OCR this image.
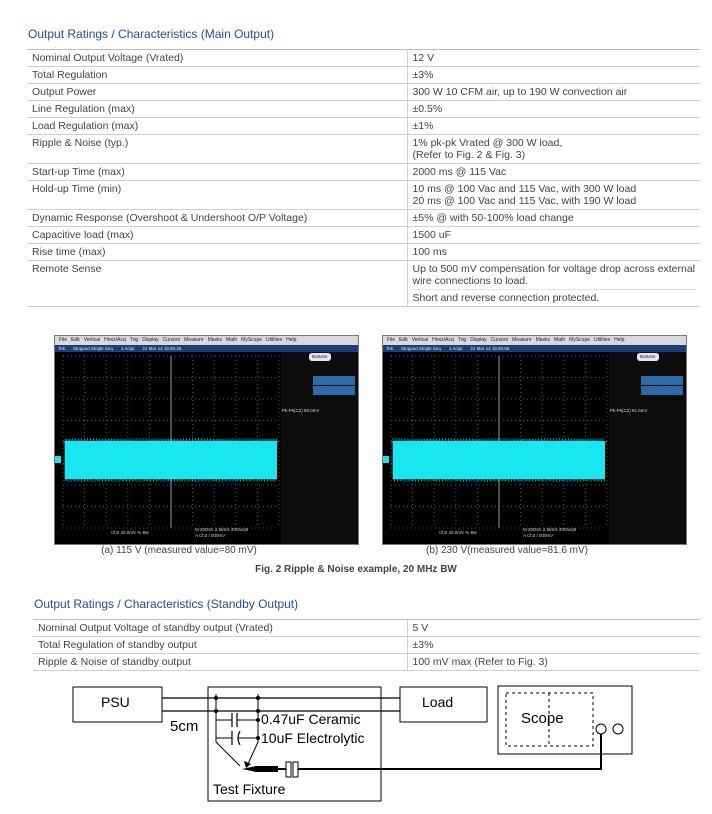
Output Ratings / Characteristics (Main Output)
Nominal Output Voltage (Vrated)	12 V

Total Regulation	±3%

Output Power	300 W 10 CFM air, up to 190 W convection air

Line Regulation (max)	±0.5%

Load Regulation (max)	±1%

Ripple & Noise (typ.)	1% pk-pk Vrated @ 300 W load,
(Refer to Fig. 2 & Fig. 3)

Start-up Time (max)	2000 ms @ 115 Vac

Hold-up Time (min)	10 ms @ 100 Vac and 115 Vac, with 300 W load
20 ms @ 100 Vac and 115 Vac, with 190 W load

Dynamic Response (Overshoot & Undershoot O/P Voltage)	±5% @ with 50-100% load change

Capacitive load (max)	1500 uF

Rise time (max)	100 ms

Remote Sense	Up to 500 mV compensation for voltage drop across external wire connections to load.
Short and reverse connection protected.
File Edit Vertical Horiz/Acq Trig Display Cursors Measure Masks Math MyScope Utilities Help
Tek Stopped Single Seq 1 Acqs 21 Mar 14 15:80:26
Buttons
Pk-Pk(C2) 80.0mV
Ch2 40.0mV % Bw
M 200ms 2.5kS/s 400ns/pt
A Ch2 / 000mV
(a) 115 V (measured value=80 mV)
File Edit Vertical Horiz/Acq Trig Display Cursors Measure Masks Math MyScope Utilities Help
Tek Stopped Single Seq 1 Acqs 21 Mar 14 15:80:56
Buttons
Pk-Pk(C2) 81.6mV
Ch2 40.0mV % Bw
M 200ms 2.5kS/s 400ns/pt
A Ch2 / 000mV
(b) 230 V(measured value=81.6 mV)
Fig. 2 Ripple & Noise example, 20 MHz BW
Output Ratings / Characteristics (Standby Output)
Nominal Output Voltage of standby output (Vrated)	5 V

Total Regulation of standby output	±3%

Ripple & Noise of standby output	100 mV max (Refer to Fig. 3)
PSU	Load
Scope
5cm	0.47uF Ceramic
10uF Electrolytic
Test Fixture
